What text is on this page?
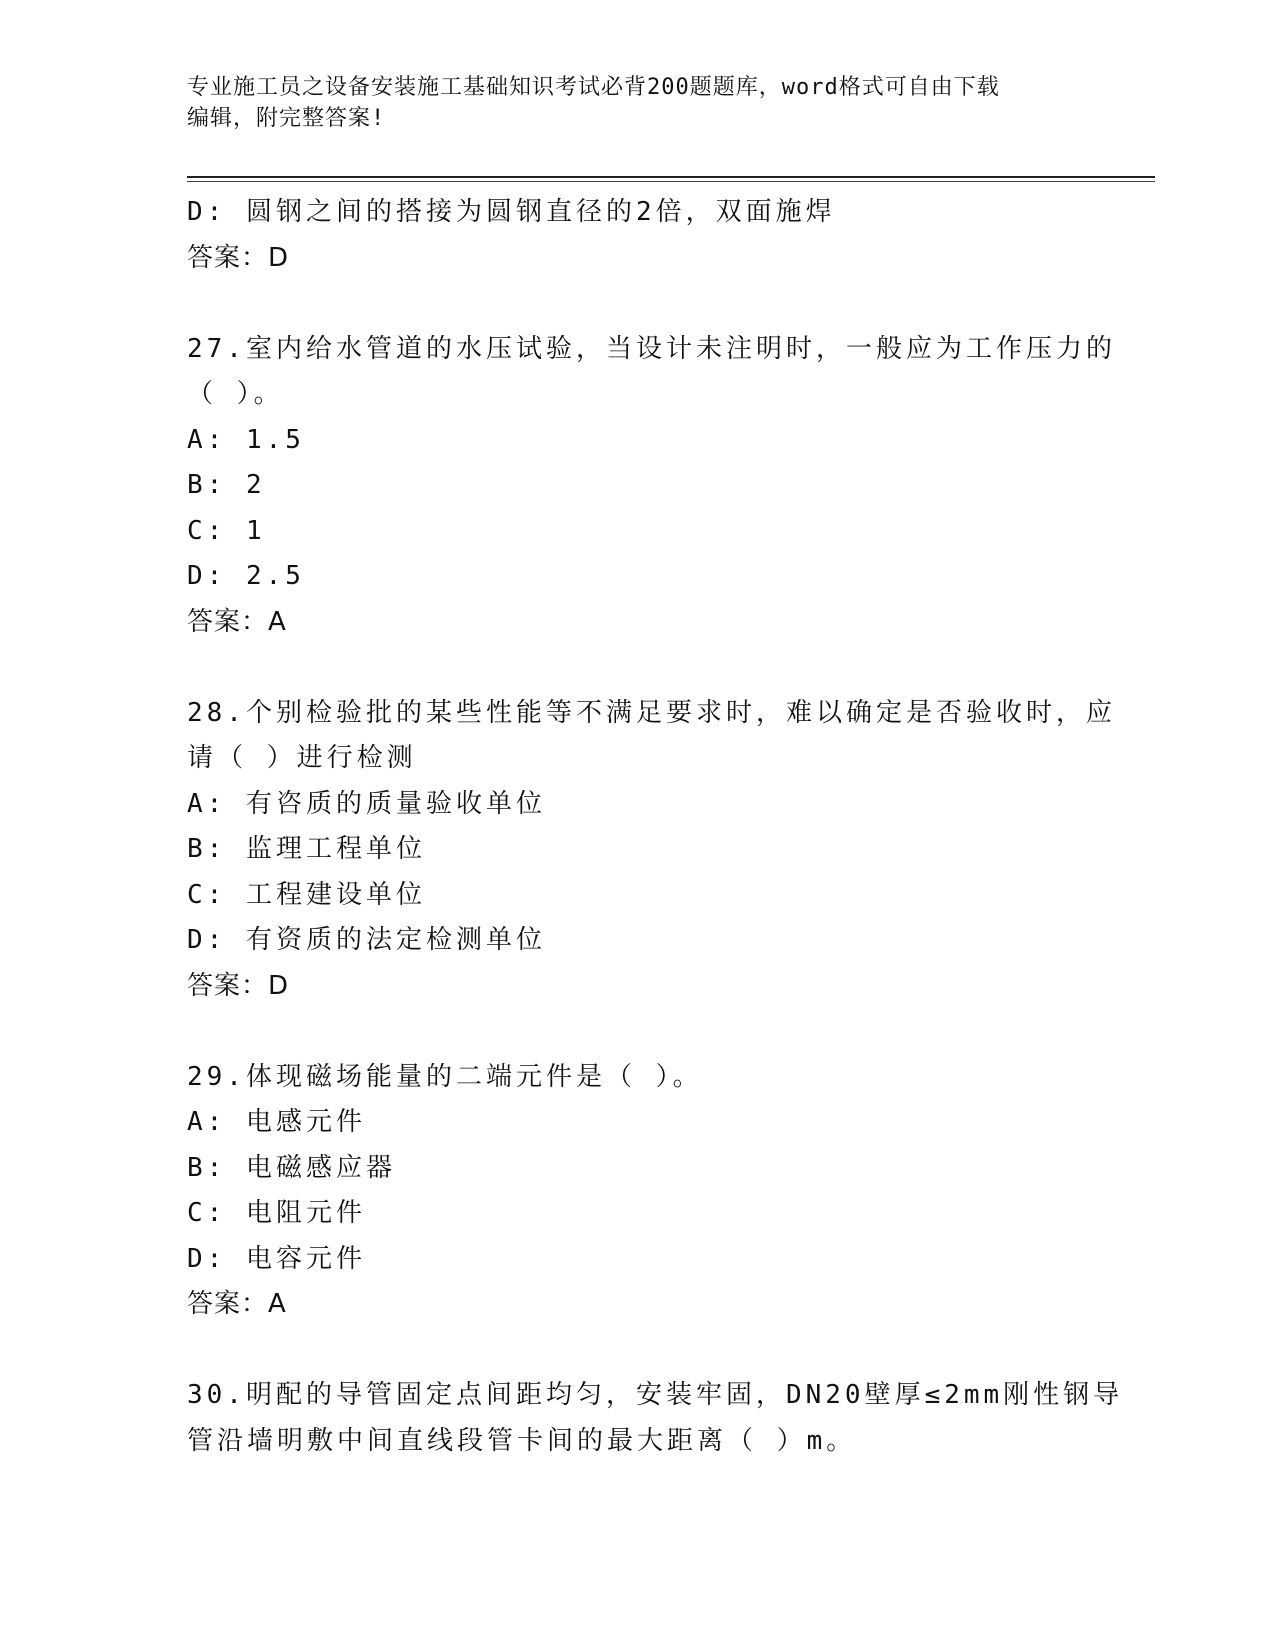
专业施工员之设备安装施工基础知识考试必背200题题库，word格式可自由下载
编辑，附完整答案!
D: 圆钢之间的搭接为圆钢直径的2倍，双面施焊
答案：D
27.室内给水管道的水压试验，当设计未注明时，一般应为工作压力的
（ ）。
A: 1.5
B: 2
C: 1
D: 2.5
答案：A
28.个别检验批的某些性能等不满足要求时，难以确定是否验收时，应
请（ ）进行检测
A: 有咨质的质量验收单位
B: 监理工程单位
C: 工程建设单位
D: 有资质的法定检测单位
答案：D
29.体现磁场能量的二端元件是（ ）。
A: 电感元件
B: 电磁感应器
C: 电阻元件
D: 电容元件
答案：A
30.明配的导管固定点间距均匀，安装牢固，DN20壁厚≤2mm刚性钢导
管沿墙明敷中间直线段管卡间的最大距离（ ）m。
